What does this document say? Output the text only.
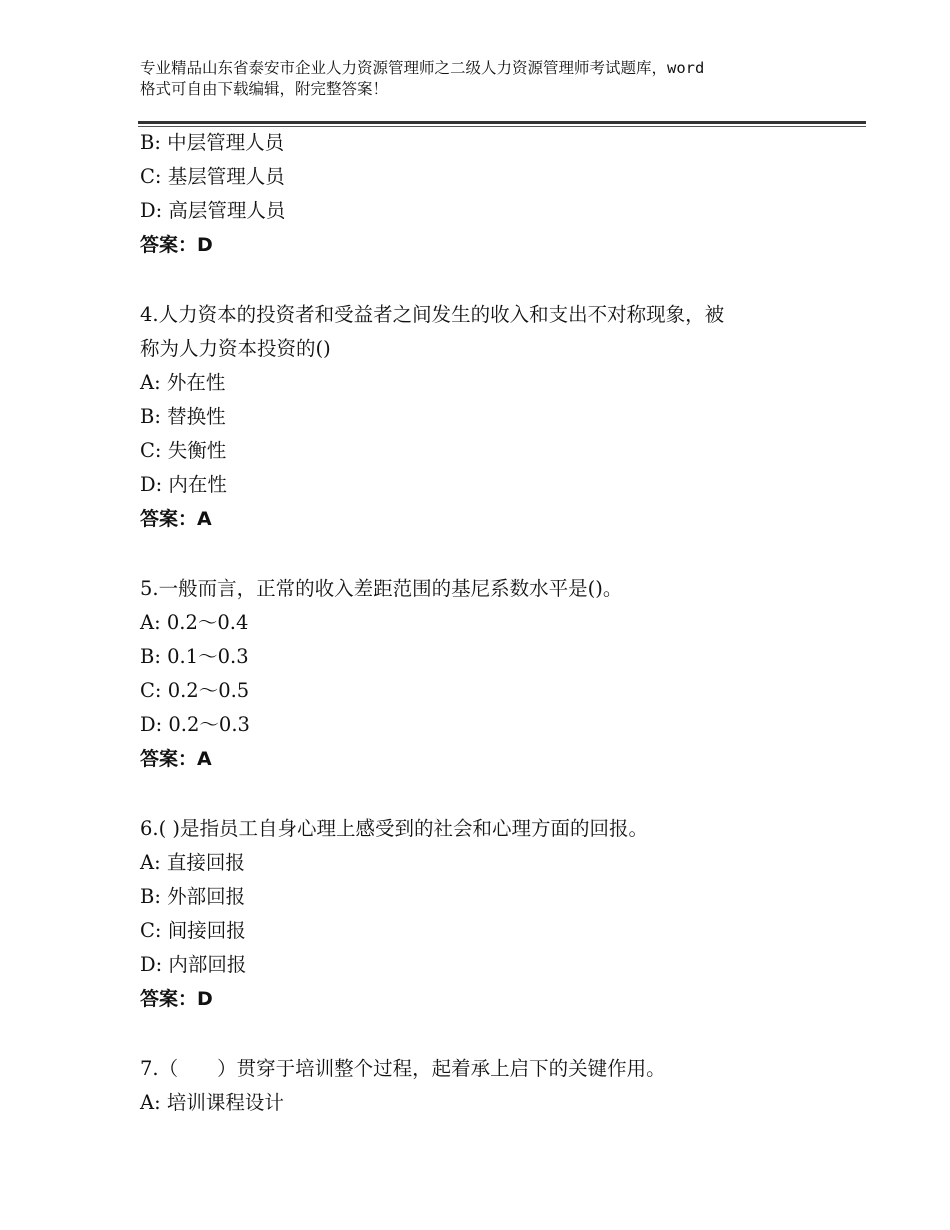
专业精品山东省泰安市企业人力资源管理师之二级人力资源管理师考试题库，word
格式可自由下载编辑，附完整答案！
B: 中层管理人员
C: 基层管理人员
D: 高层管理人员
答案：D
4.人力资本的投资者和受益者之间发生的收入和支出不对称现象，被
称为人力资本投资的()
A: 外在性
B: 替换性
C: 失衡性
D: 内在性
答案：A
5.一般而言，正常的收入差距范围的基尼系数水平是()。
A: 0.2～0.4
B: 0.1～0.3
C: 0.2～0.5
D: 0.2～0.3
答案：A
6.( )是指员工自身心理上感受到的社会和心理方面的回报。
A: 直接回报
B: 外部回报
C: 间接回报
D: 内部回报
答案：D
7.（　　）贯穿于培训整个过程，起着承上启下的关键作用。
A: 培训课程设计
